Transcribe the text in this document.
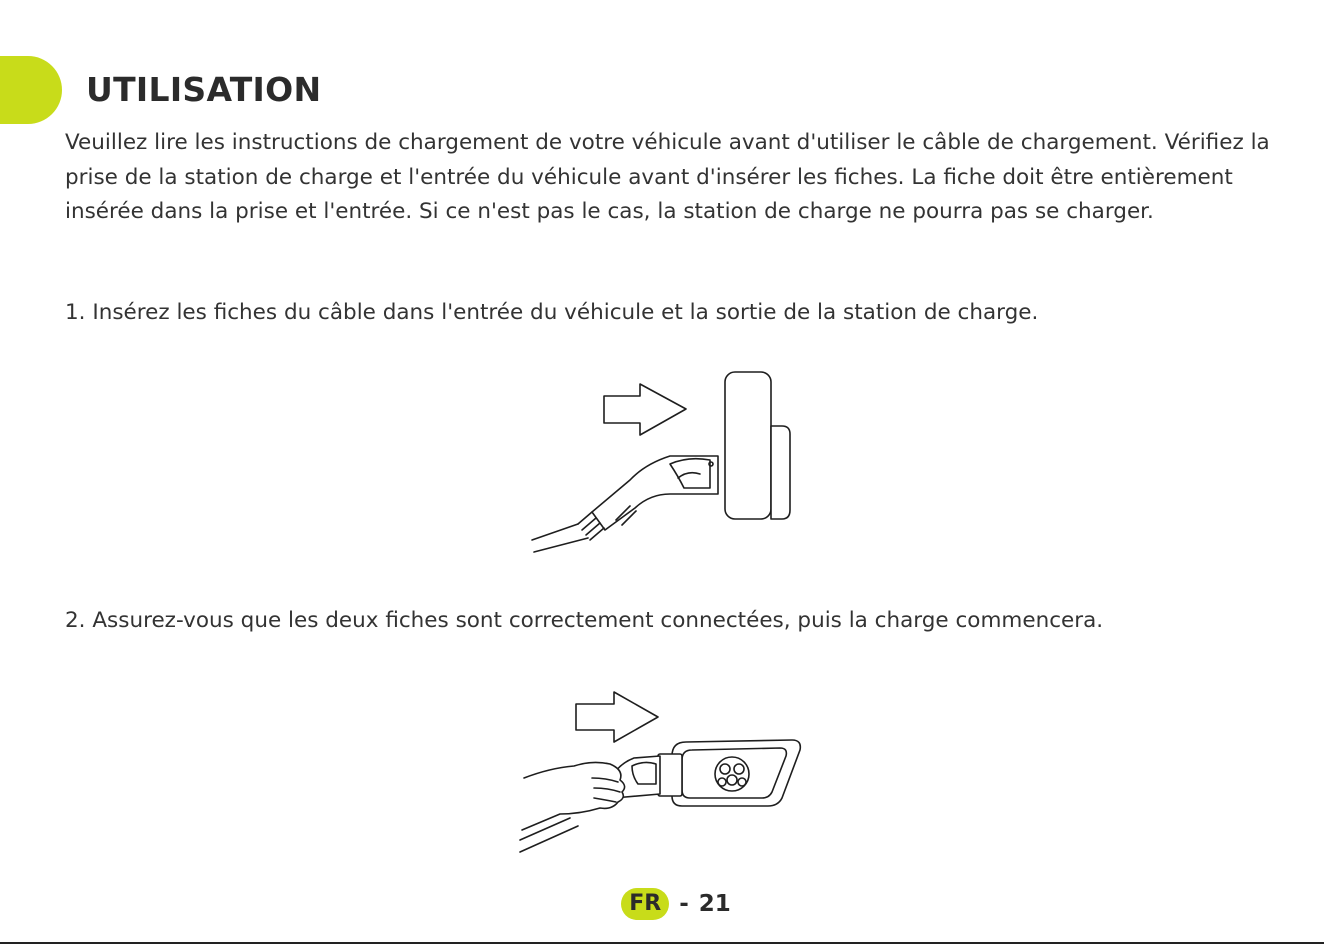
UTILISATION

Veuillez lire les instructions de chargement de votre véhicule avant d'utiliser le câble de chargement. Vérifiez la prise de la station de charge et l'entrée du véhicule avant d'insérer les fiches. La fiche doit être entièrement insérée dans la prise et l'entrée. Si ce n'est pas le cas, la station de charge ne pourra pas se charger.

1. Insérez les fiches du câble dans l'entrée du véhicule et la sortie de la station de charge.

2. Assurez-vous que les deux fiches sont correctement connectées, puis la charge commencera.

FR - 21
